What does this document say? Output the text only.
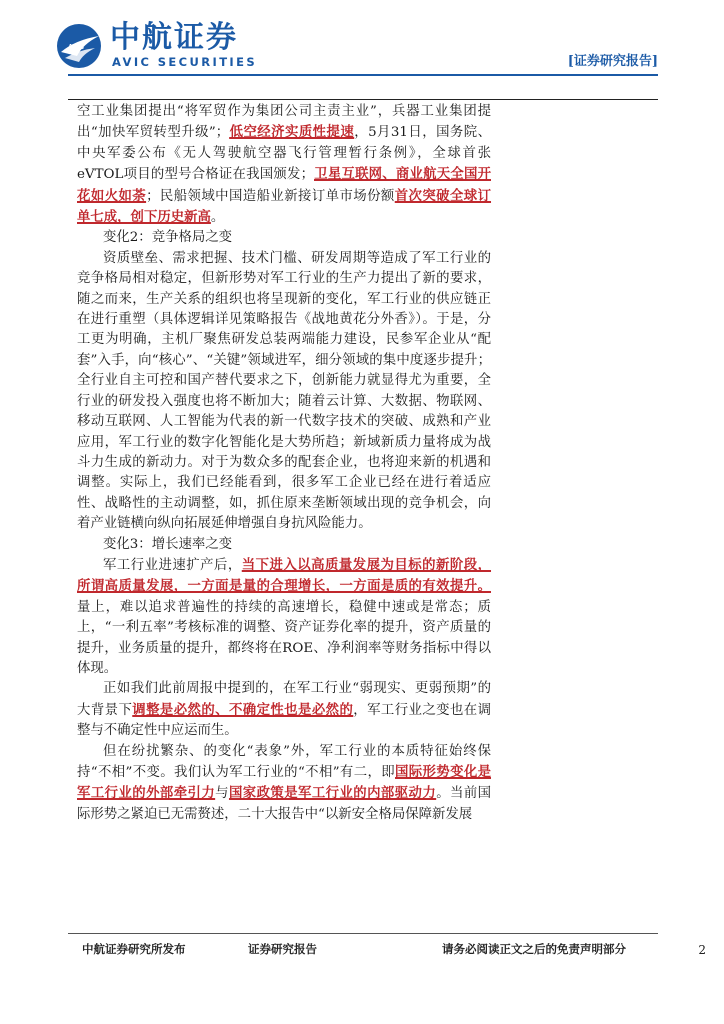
AVIC 中航证券
AVIC SECURITIES	[证券研究报告]

空工业集团提出“将军贸作为集团公司主责主业”，兵器工业集团提出“加快军贸转型升级”；低空经济实质性提速，5月31日，国务院、中央军委公布《无人驾驶航空器飞行管理暂行条例》，全球首张eVTOL项目的型号合格证在我国颁发；卫星互联网、商业航天全国开花如火如荼；民船领域中国造船业新接订单市场份额首次突破全球订单七成，创下历史新高。

变化2：竞争格局之变

资质壁垒、需求把握、技术门槛、研发周期等造成了军工行业的竞争格局相对稳定，但新形势对军工行业的生产力提出了新的要求，随之而来，生产关系的组织也将呈现新的变化，军工行业的供应链正在进行重塑（具体逻辑详见策略报告《战地黄花分外香》）。于是，分工更为明确，主机厂聚焦研发总装两端能力建设，民参军企业从“配套”入手，向“核心”、“关键”领域进军，细分领域的集中度逐步提升；全行业自主可控和国产替代要求之下，创新能力就显得尤为重要，全行业的研发投入强度也将不断加大；随着云计算、大数据、物联网、移动互联网、人工智能为代表的新一代数字技术的突破、成熟和产业应用，军工行业的数字化智能化是大势所趋；新域新质力量将成为战斗力生成的新动力。对于为数众多的配套企业，也将迎来新的机遇和调整。实际上，我们已经能看到，很多军工企业已经在进行着适应性、战略性的主动调整，如，抓住原来垄断领域出现的竞争机会，向着产业链横向纵向拓展延伸增强自身抗风险能力。

变化3：增长速率之变

军工行业进速扩产后，当下进入以高质量发展为目标的新阶段，所谓高质量发展，一方面是量的合理增长，一方面是质的有效提升。量上，难以追求普遍性的持续的高速增长，稳健中速或是常态；质上，“一利五率”考核标准的调整、资产证券化率的提升，资产质量的提升，业务质量的提升，都终将在ROE、净利润率等财务指标中得以体现。

正如我们此前周报中提到的，在军工行业“弱现实、更弱预期”的大背景下调整是必然的、不确定性也是必然的，军工行业之变也在调整与不确定性中应运而生。

但在纷扰繁杂、的变化“表象”外，军工行业的本质特征始终保持“不相”不变。我们认为军工行业的“不相”有二，即国际形势变化是军工行业的外部牵引力与国家政策是军工行业的内部驱动力。当前国际形势之紧迫已无需赘述，二十大报告中“以新安全格局保障新发展

中航证券研究所发布	证券研究报告	请务必阅读正文之后的免责声明部分	2
